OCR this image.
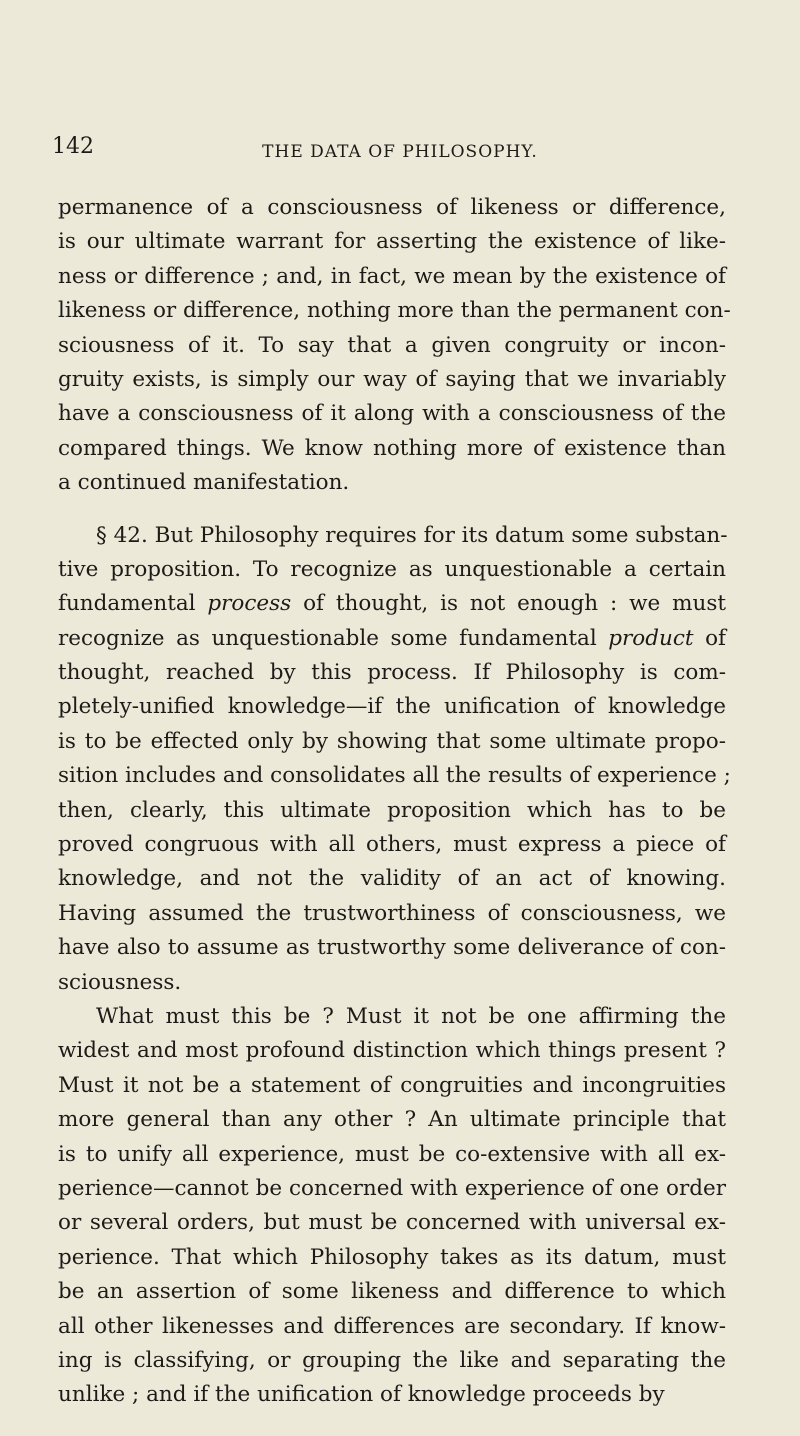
142	THE DATA OF PHILOSOPHY.
permanence of a consciousness of likeness or difference,
is our ultimate warrant for asserting the existence of like-
ness or difference ; and, in fact, we mean by the existence of
likeness or difference, nothing more than the permanent con-
sciousness of it. To say that a given congruity or incon-
gruity exists, is simply our way of saying that we invariably
have a consciousness of it along with a consciousness of the
compared things. We know nothing more of existence than
a continued manifestation.
§ 42. But Philosophy requires for its datum some substan-
tive proposition. To recognize as unquestionable a certain
fundamental process of thought, is not enough : we must
recognize as unquestionable some fundamental product of
thought, reached by this process. If Philosophy is com-
pletely-unified knowledge—if the unification of knowledge
is to be effected only by showing that some ultimate propo-
sition includes and consolidates all the results of experience ;
then, clearly, this ultimate proposition which has to be
proved congruous with all others, must express a piece of
knowledge, and not the validity of an act of knowing.
Having assumed the trustworthiness of consciousness, we
have also to assume as trustworthy some deliverance of con-
sciousness.
What must this be ? Must it not be one affirming the
widest and most profound distinction which things present ?
Must it not be a statement of congruities and incongruities
more general than any other ? An ultimate principle that
is to unify all experience, must be co-extensive with all ex-
perience—cannot be concerned with experience of one order
or several orders, but must be concerned with universal ex-
perience. That which Philosophy takes as its datum, must
be an assertion of some likeness and difference to which
all other likenesses and differences are secondary. If know-
ing is classifying, or grouping the like and separating the
unlike ; and if the unification of knowledge proceeds by
